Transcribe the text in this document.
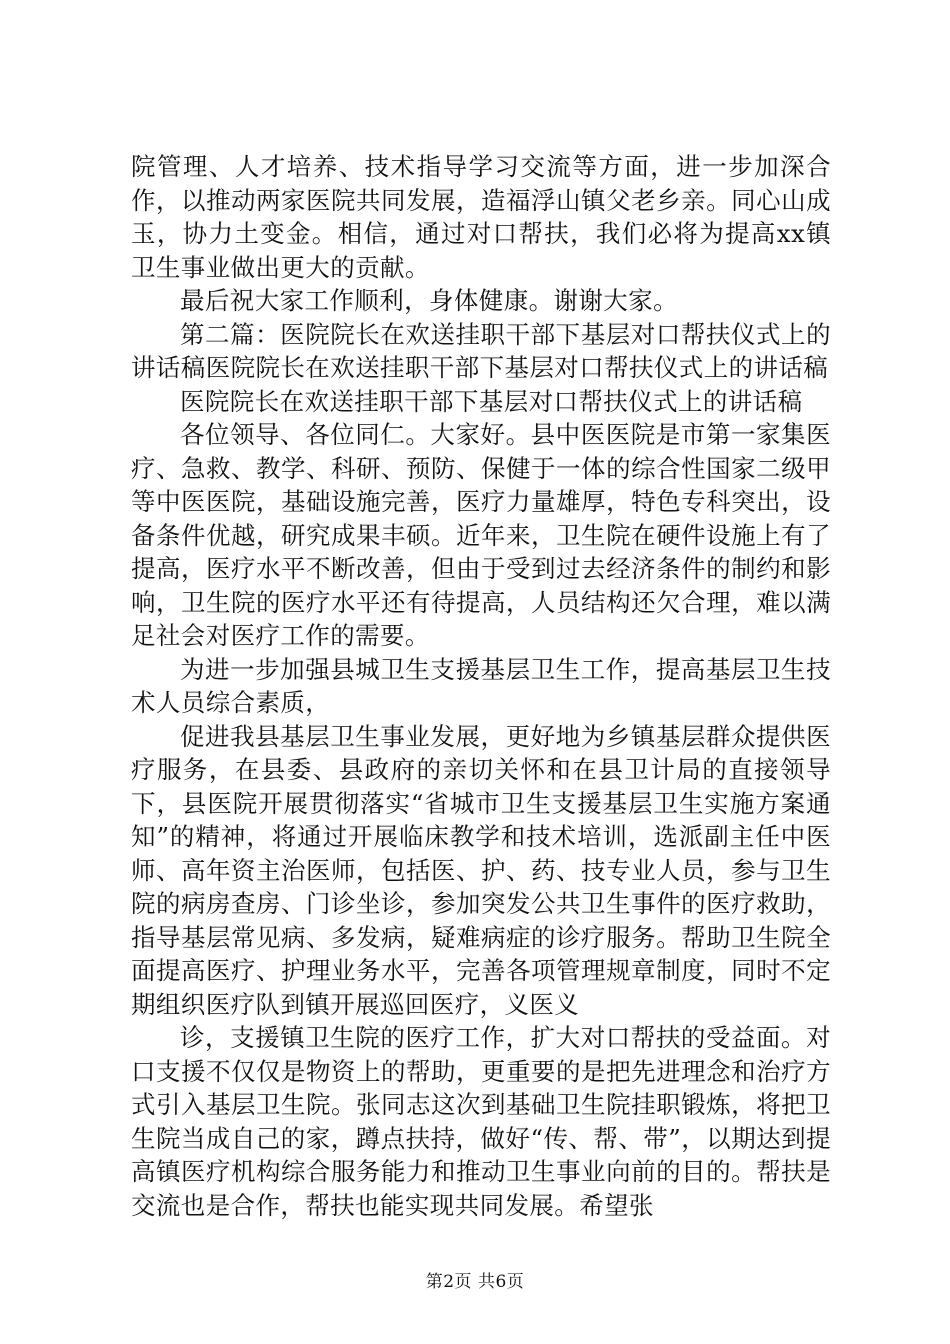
院管理、人才培养、技术指导学习交流等方面，进一步加深合作，以推动两家医院共同发展，造福浮山镇父老乡亲。同心山成玉，协力土变金。相信，通过对口帮扶，我们必将为提高xx镇卫生事业做出更大的贡献。

最后祝大家工作顺利，身体健康。谢谢大家。

第二篇：医院院长在欢送挂职干部下基层对口帮扶仪式上的讲话稿医院院长在欢送挂职干部下基层对口帮扶仪式上的讲话稿

医院院长在欢送挂职干部下基层对口帮扶仪式上的讲话稿

各位领导、各位同仁。大家好。县中医医院是市第一家集医疗、急救、教学、科研、预防、保健于一体的综合性国家二级甲等中医医院，基础设施完善，医疗力量雄厚，特色专科突出，设备条件优越，研究成果丰硕。近年来，卫生院在硬件设施上有了提高，医疗水平不断改善，但由于受到过去经济条件的制约和影响，卫生院的医疗水平还有待提高，人员结构还欠合理，难以满足社会对医疗工作的需要。

为进一步加强县城卫生支援基层卫生工作，提高基层卫生技术人员综合素质，

促进我县基层卫生事业发展，更好地为乡镇基层群众提供医疗服务，在县委、县政府的亲切关怀和在县卫计局的直接领导下，县医院开展贯彻落实“省城市卫生支援基层卫生实施方案通知”的精神，将通过开展临床教学和技术培训，选派副主任中医师、高年资主治医师，包括医、护、药、技专业人员，参与卫生院的病房查房、门诊坐诊，参加突发公共卫生事件的医疗救助，指导基层常见病、多发病，疑难病症的诊疗服务。帮助卫生院全面提高医疗、护理业务水平，完善各项管理规章制度，同时不定期组织医疗队到镇开展巡回医疗，义医义

诊，支援镇卫生院的医疗工作，扩大对口帮扶的受益面。对口支援不仅仅是物资上的帮助，更重要的是把先进理念和治疗方式引入基层卫生院。张同志这次到基础卫生院挂职锻炼，将把卫生院当成自己的家，蹲点扶持，做好“传、帮、带”，以期达到提高镇医疗机构综合服务能力和推动卫生事业向前的目的。帮扶是交流也是合作，帮扶也能实现共同发展。希望张

第2页 共6页
